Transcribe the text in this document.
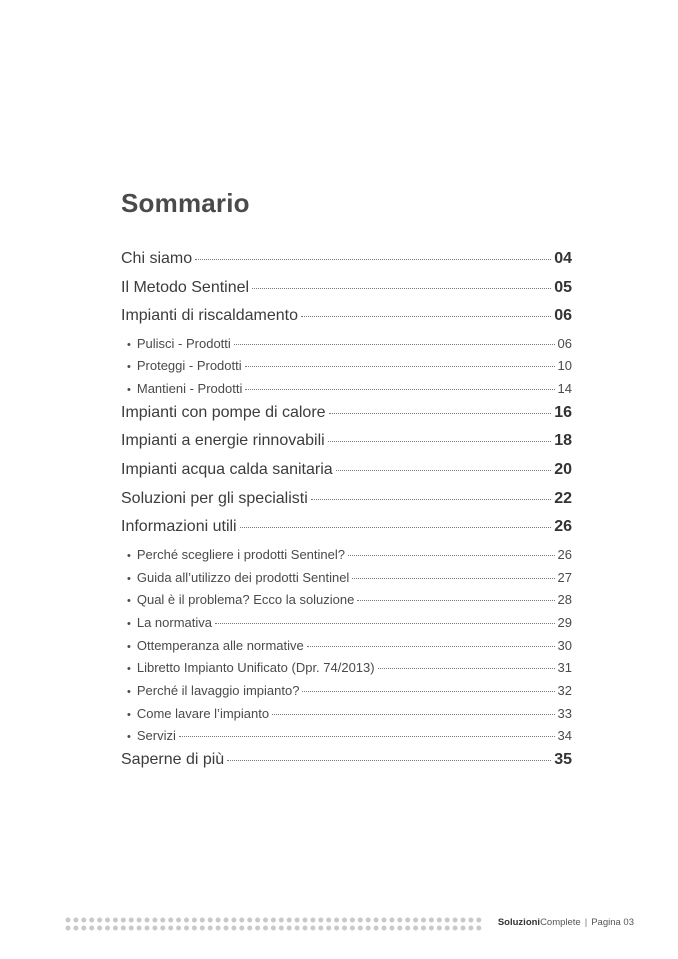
Sommario
Chi siamo	04
Il Metodo Sentinel	05
Impianti di riscaldamento	06
• Pulisci - Prodotti	06
• Proteggi - Prodotti	10
• Mantieni - Prodotti	14
Impianti con pompe di calore	16
Impianti a energie rinnovabili	18
Impianti acqua calda sanitaria	20
Soluzioni per gli specialisti	22
Informazioni utili	26
• Perché scegliere i prodotti Sentinel?	26
• Guida all’utilizzo dei prodotti Sentinel	27
• Qual è il problema? Ecco la soluzione	28
• La normativa	29
• Ottemperanza alle normative	30
• Libretto Impianto Unificato (Dpr. 74/2013)	31
• Perché il lavaggio impianto?	32
• Come lavare l’impianto	33
• Servizi	34
Saperne di più	35
SoluzioniComplete | Pagina 03
